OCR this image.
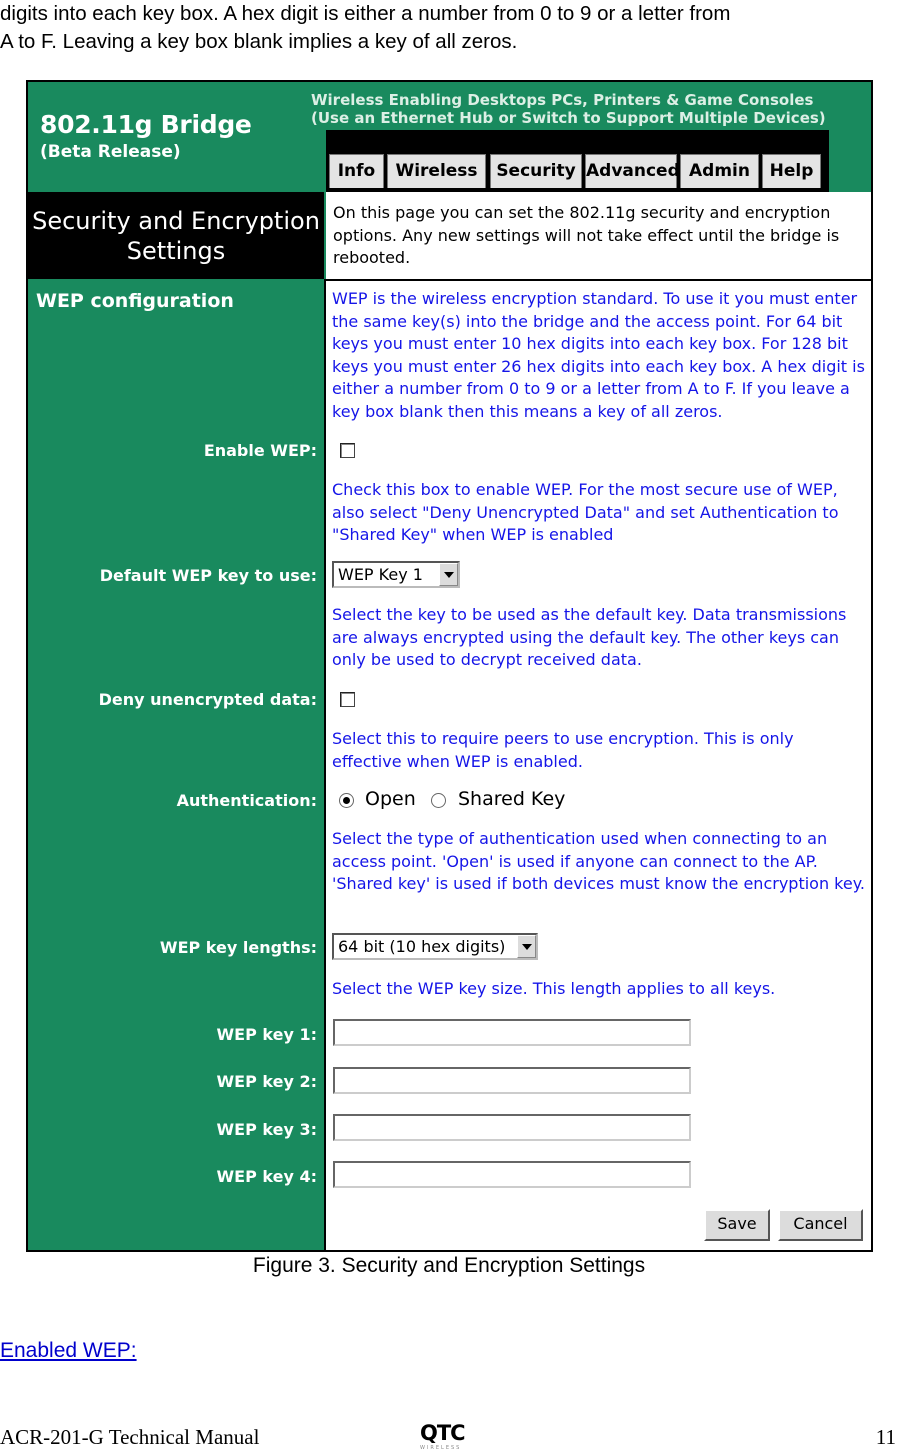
digits into each key box. A hex digit is either a number from 0 to 9 or a letter from
A to F. Leaving a key box blank implies a key of all zeros.
802.11g Bridge
(Beta Release)
Wireless Enabling Desktops PCs, Printers & Game Consoles
(Use an Ethernet Hub or Switch to Support Multiple Devices)
Info	Wireless	Security Advanced Admin	Help
Security and Encryption
Settings
On this page you can set the 802.11g security and encryption options. Any new settings will not take effect until the bridge is rebooted.
WEP configuration	WEP is the wireless encryption standard. To use it you must enter the same key(s) into the bridge and the access point. For 64 bit keys you must enter 10 hex digits into each key box. For 128 bit keys you must enter 26 hex digits into each key box. A hex digit is either a number from 0 to 9 or a letter from A to F. If you leave a key box blank then this means a key of all zeros.
Enable WEP:
Check this box to enable WEP. For the most secure use of WEP, also select "Deny Unencrypted Data" and set Authentication to "Shared Key" when WEP is enabled
Default WEP key to use:	WEP Key 1
Select the key to be used as the default key. Data transmissions are always encrypted using the default key. The other keys can only be used to decrypt received data.
Deny unencrypted data:
Select this to require peers to use encryption. This is only effective when WEP is enabled.
Authentication:	Open Shared Key
Select the type of authentication used when connecting to an access point. 'Open' is used if anyone can connect to the AP. 'Shared key' is used if both devices must know the encryption key.
WEP key lengths:	64 bit (10 hex digits)
Select the WEP key size. This length applies to all keys.
WEP key 1:
WEP key 2:
WEP key 3:
WEP key 4:
Save	Cancel
Figure 3. Security and Encryption Settings
Enabled WEP:
ACR-201-G Technical Manual	QTC
WIRELESS	11
